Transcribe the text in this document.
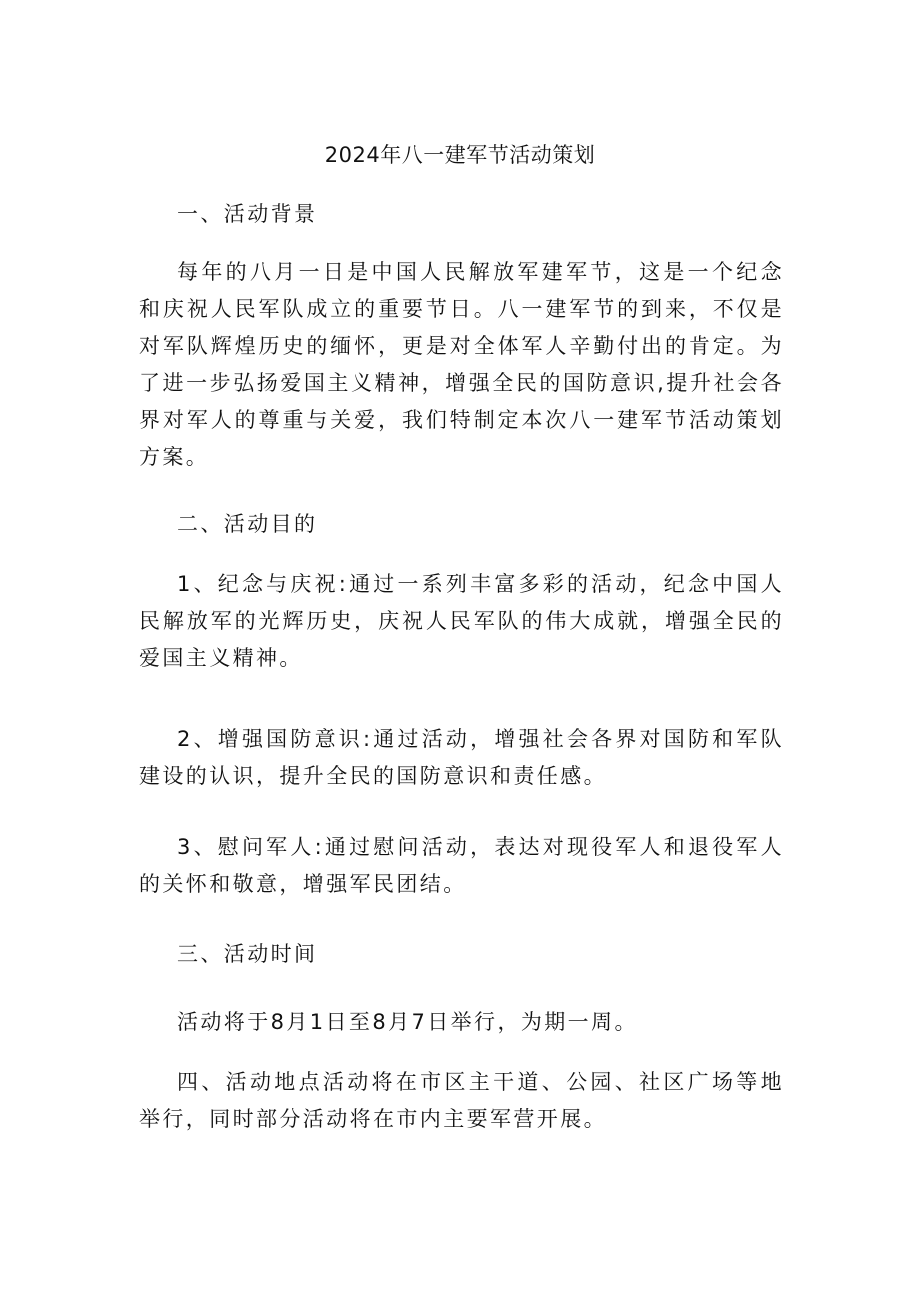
2024年八一建军节活动策划
一、活动背景

每年的八月一日是中国人民解放军建军节，这是一个纪念和庆祝人民军队成立的重要节日。八一建军节的到来，不仅是对军队辉煌历史的缅怀，更是对全体军人辛勤付出的肯定。为了进一步弘扬爱国主义精神，增强全民的国防意识,提升社会各界对军人的尊重与关爱，我们特制定本次八一建军节活动策划方案。

二、活动目的

1、纪念与庆祝:通过一系列丰富多彩的活动，纪念中国人民解放军的光辉历史，庆祝人民军队的伟大成就，增强全民的爱国主义精神。

2、增强国防意识:通过活动，增强社会各界对国防和军队建设的认识，提升全民的国防意识和责任感。

3、慰问军人:通过慰问活动，表达对现役军人和退役军人的关怀和敬意，增强军民团结。

三、活动时间

活动将于8月1日至8月7日举行，为期一周。

四、活动地点活动将在市区主干道、公园、社区广场等地举行，同时部分活动将在市内主要军营开展。
